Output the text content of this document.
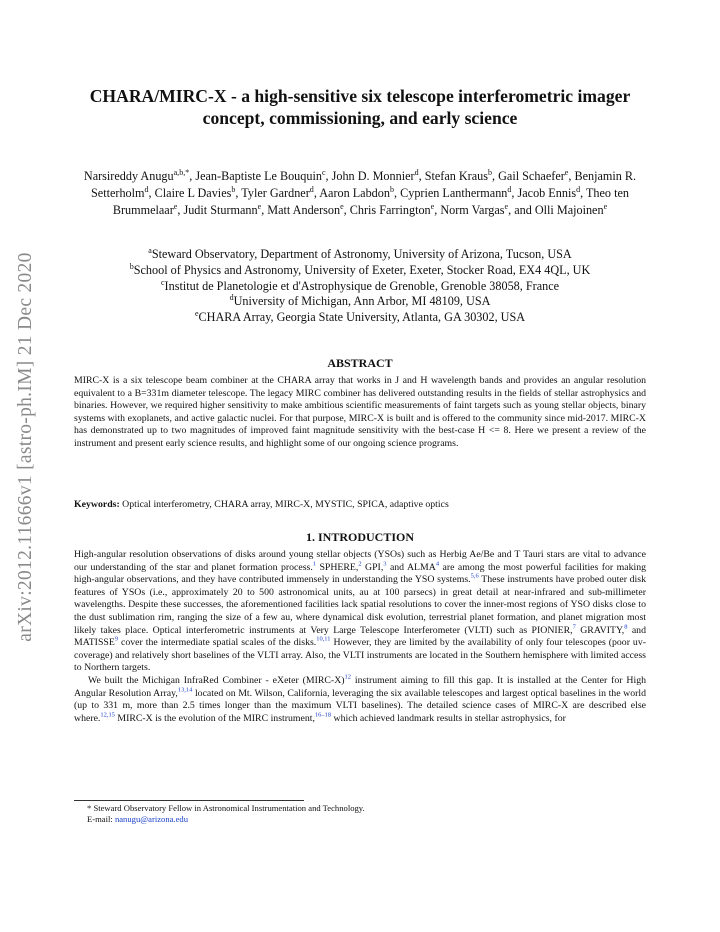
arXiv:2012.11666v1 [astro-ph.IM] 21 Dec 2020
CHARA/MIRC-X - a high-sensitive six telescope interferometric imager concept, commissioning, and early science
Narsireddy Anugu$^{a,b,*}$, Jean-Baptiste Le Bouquin$^c$, John D. Monnier$^d$, Stefan Kraus$^b$, Gail Schaefer$^e$, Benjamin R. Setterholm$^d$, Claire L Davies$^b$, Tyler Gardner$^d$, Aaron Labdon$^b$, Cyprien Lanthermann$^d$, Jacob Ennis$^d$, Theo ten Brummelaar$^e$, Judit Sturmann$^e$, Matt Anderson$^e$, Chris Farrington$^e$, Norm Vargas$^e$, and Olli Majoinen$^e$
$^a$Steward Observatory, Department of Astronomy, University of Arizona, Tucson, USA
$^b$School of Physics and Astronomy, University of Exeter, Exeter, Stocker Road, EX4 4QL, UK
$^c$Institut de Planetologie et d'Astrophysique de Grenoble, Grenoble 38058, France
$^d$University of Michigan, Ann Arbor, MI 48109, USA
$^e$CHARA Array, Georgia State University, Atlanta, GA 30302, USA
ABSTRACT
MIRC-X is a six telescope beam combiner at the CHARA array that works in J and H wavelength bands and provides an angular resolution equivalent to a B=331m diameter telescope. The legacy MIRC combiner has delivered outstanding results in the fields of stellar astrophysics and binaries. However, we required higher sensitivity to make ambitious scientific measurements of faint targets such as young stellar objects, binary systems with exoplanets, and active galactic nuclei. For that purpose, MIRC-X is built and is offered to the community since mid-2017. MIRC-X has demonstrated up to two magnitudes of improved faint magnitude sensitivity with the best-case H <= 8. Here we present a review of the instrument and present early science results, and highlight some of our ongoing science programs.
Keywords: Optical interferometry, CHARA array, MIRC-X, MYSTIC, SPICA, adaptive optics
1. INTRODUCTION

High-angular resolution observations of disks around young stellar objects (YSOs) such as Herbig Ae/Be and T Tauri stars are vital to advance our understanding of the star and planet formation process.$^1$ SPHERE,$^2$ GPI,$^3$ and ALMA$^4$ are among the most powerful facilities for making high-angular observations, and they have contributed immensely in understanding the YSO systems.$^{5,6}$ These instruments have probed outer disk features of YSOs (i.e., approximately 20 to 500 astronomical units, au at 100 parsecs) in great detail at near-infrared and sub-millimeter wavelengths. Despite these successes, the aforementioned facilities lack spatial resolutions to cover the inner-most regions of YSO disks close to the dust sublimation rim, ranging the size of a few au, where dynamical disk evolution, terrestrial planet formation, and planet migration most likely takes place. Optical interferometric instruments at Very Large Telescope Interferometer (VLTI) such as PIONIER,$^7$ GRAVITY,$^8$ and MATISSE$^9$ cover the intermediate spatial scales of the disks.$^{10,11}$ However, they are limited by the availability of only four telescopes (poor uv-coverage) and relatively short baselines of the VLTI array. Also, the VLTI instruments are located in the Southern hemisphere with limited access to Northern targets.

We built the Michigan InfraRed Combiner - eXeter (MIRC-X)$^{12}$ instrument aiming to fill this gap. It is installed at the Center for High Angular Resolution Array,$^{13,14}$ located on Mt. Wilson, California, leveraging the six available telescopes and largest optical baselines in the world (up to 331 m, more than 2.5 times longer than the maximum VLTI baselines). The detailed science cases of MIRC-X are described else where.$^{12,15}$ MIRC-X is the evolution of the MIRC instrument,$^{16-18}$ which achieved landmark results in stellar astrophysics, for

* Steward Observatory Fellow in Astronomical Instrumentation and Technology.
E-mail: nanugu@arizona.edu
